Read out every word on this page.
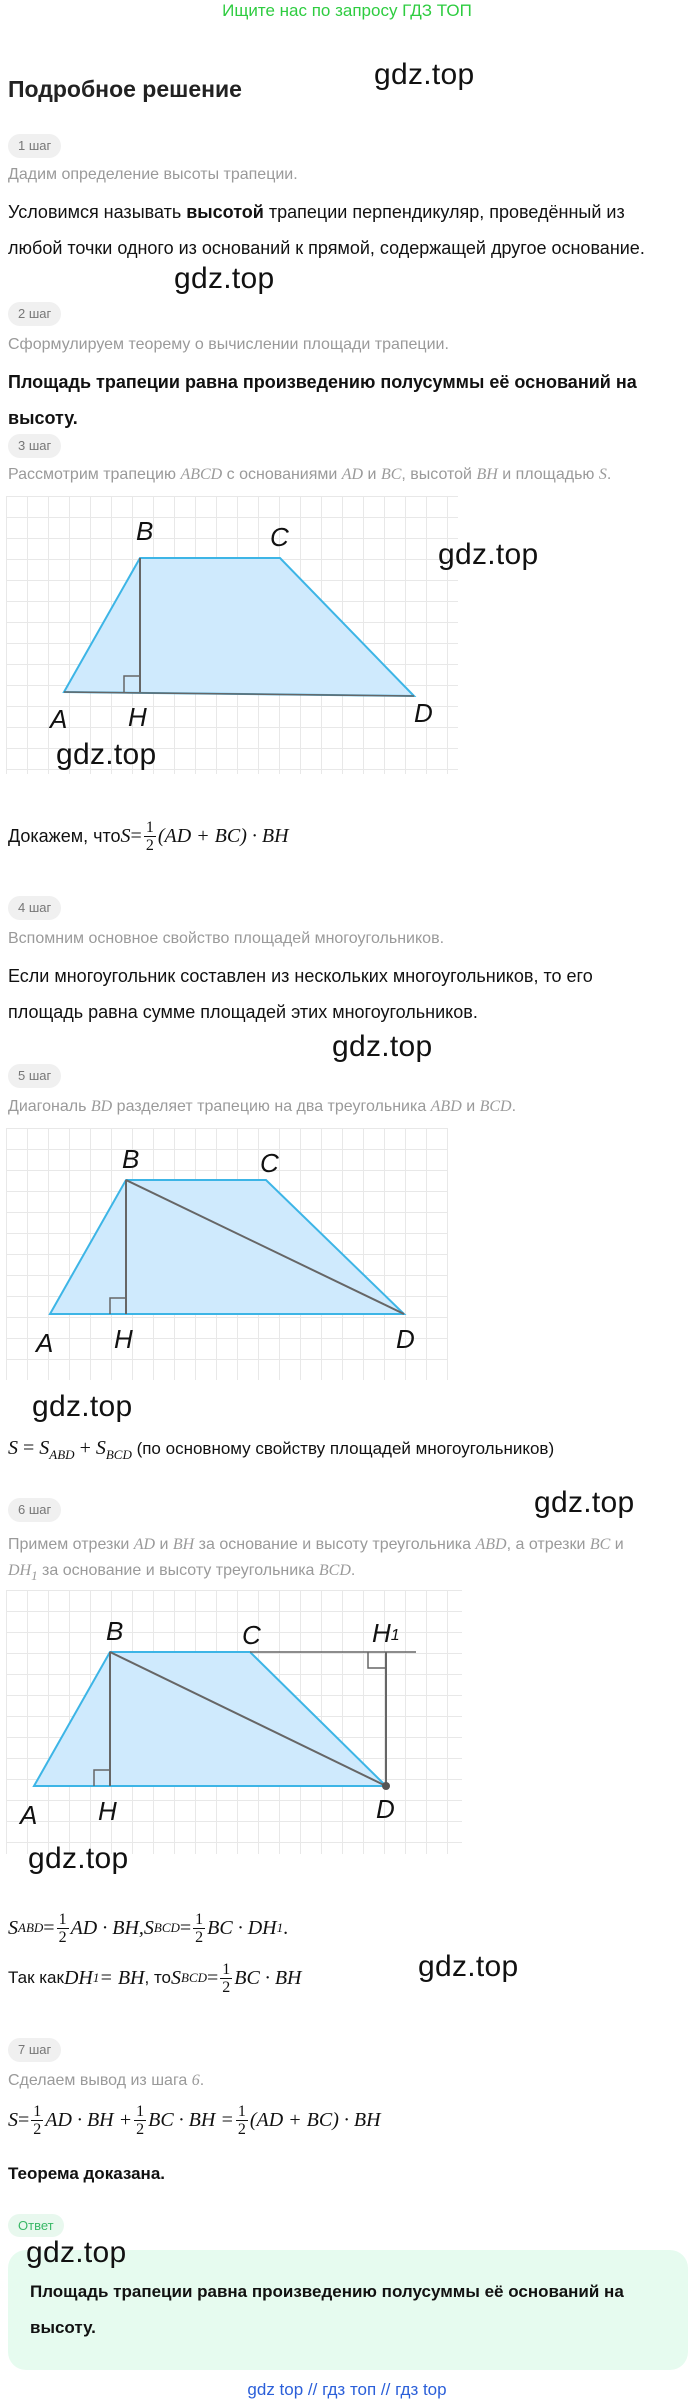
Ищите нас по запросу ГДЗ ТОП
Подробное решение	gdz.top
1 шаг
Дадим определение высоты трапеции.
Условимся называть высотой трапеции перпендикуляр, проведённый из
любой точки одного из оснований к прямой, содержащей другое основание.
gdz.top
2 шаг
Сформулируем теорему о вычислении площади трапеции.
Площадь трапеции равна произведению полусуммы её оснований на высоту.
3 шаг
Рассмотрим трапецию ABCD с основаниями AD и BC, высотой BH и площадью S.
B	C
A H	D
gdz.top
gdz.top
Докажем, что $S = \frac{1}{2} (AD + BC)$ · BH
4 шаг
Вспомним основное свойство площадей многоугольников.
Если многоугольник составлен из нескольких многоугольников, то его
площадь равна сумме площадей этих многоугольников.
gdz.top
5 шаг
Диагональ BD разделяет трапецию на два треугольника ABD и BCD.
B	C
A H	D
gdz.top
$S = S_{ABD} + S_{BCD}$ (по основному свойству площадей многоугольников)
gdz.top
6 шаг
Примем отрезки AD и BH за основание и высоту треугольника ABD, а отрезки BC и
$DH_1$ за основание и высоту треугольника BCD.
B	C	H1
A H	D
gdz.top
S ABD = $\frac{1}{2}$ AD · BH, S BCD = $\frac{1}{2}$ BC · DH 1 .
Так как DH 1 = BH , то S BCD = $\frac{1}{2}$ BC · BH	gdz.top
7 шаг
Сделаем вывод из шага 6.
$S = \frac{1}{2}$ AD · BH + $\frac{1}{2}$ BC · BH = $\frac{1}{2} (AD + BC)$ · BH
Теорема доказана.
Ответ
Площадь трапеции равна произведению полусуммы её оснований на
высоту.
gdz.top
gdz top // гдз топ // гдз top
